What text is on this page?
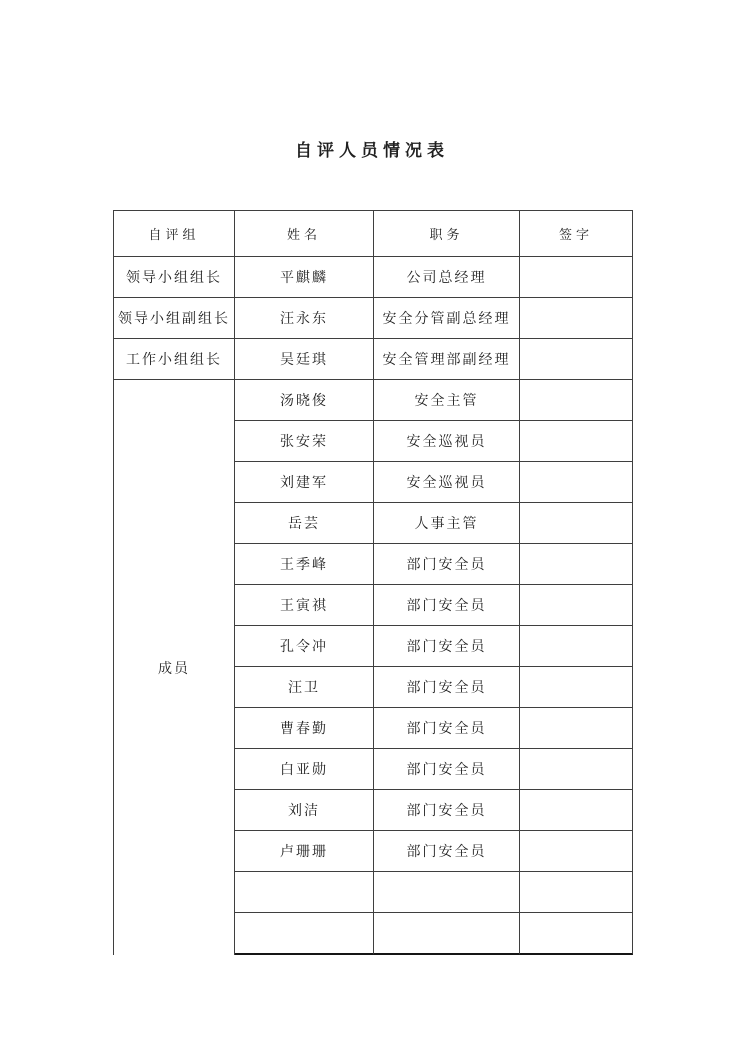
自评人员情况表
自评组	姓名	职务	签字
领导小组组长	平麒麟	公司总经理	
领导小组副组长	汪永东	安全分管副总经理	
工作小组组长	吴廷琪	安全管理部副经理	
成员	汤晓俊	安全主管	
	张安荣	安全巡视员	
	刘建军	安全巡视员	
	岳芸	人事主管	
	王季峰	部门安全员	
	王寅祺	部门安全员	
	孔令冲	部门安全员	
	汪卫	部门安全员	
	曹春勤	部门安全员	
	白亚勋	部门安全员	
	刘洁	部门安全员	
	卢珊珊	部门安全员	
